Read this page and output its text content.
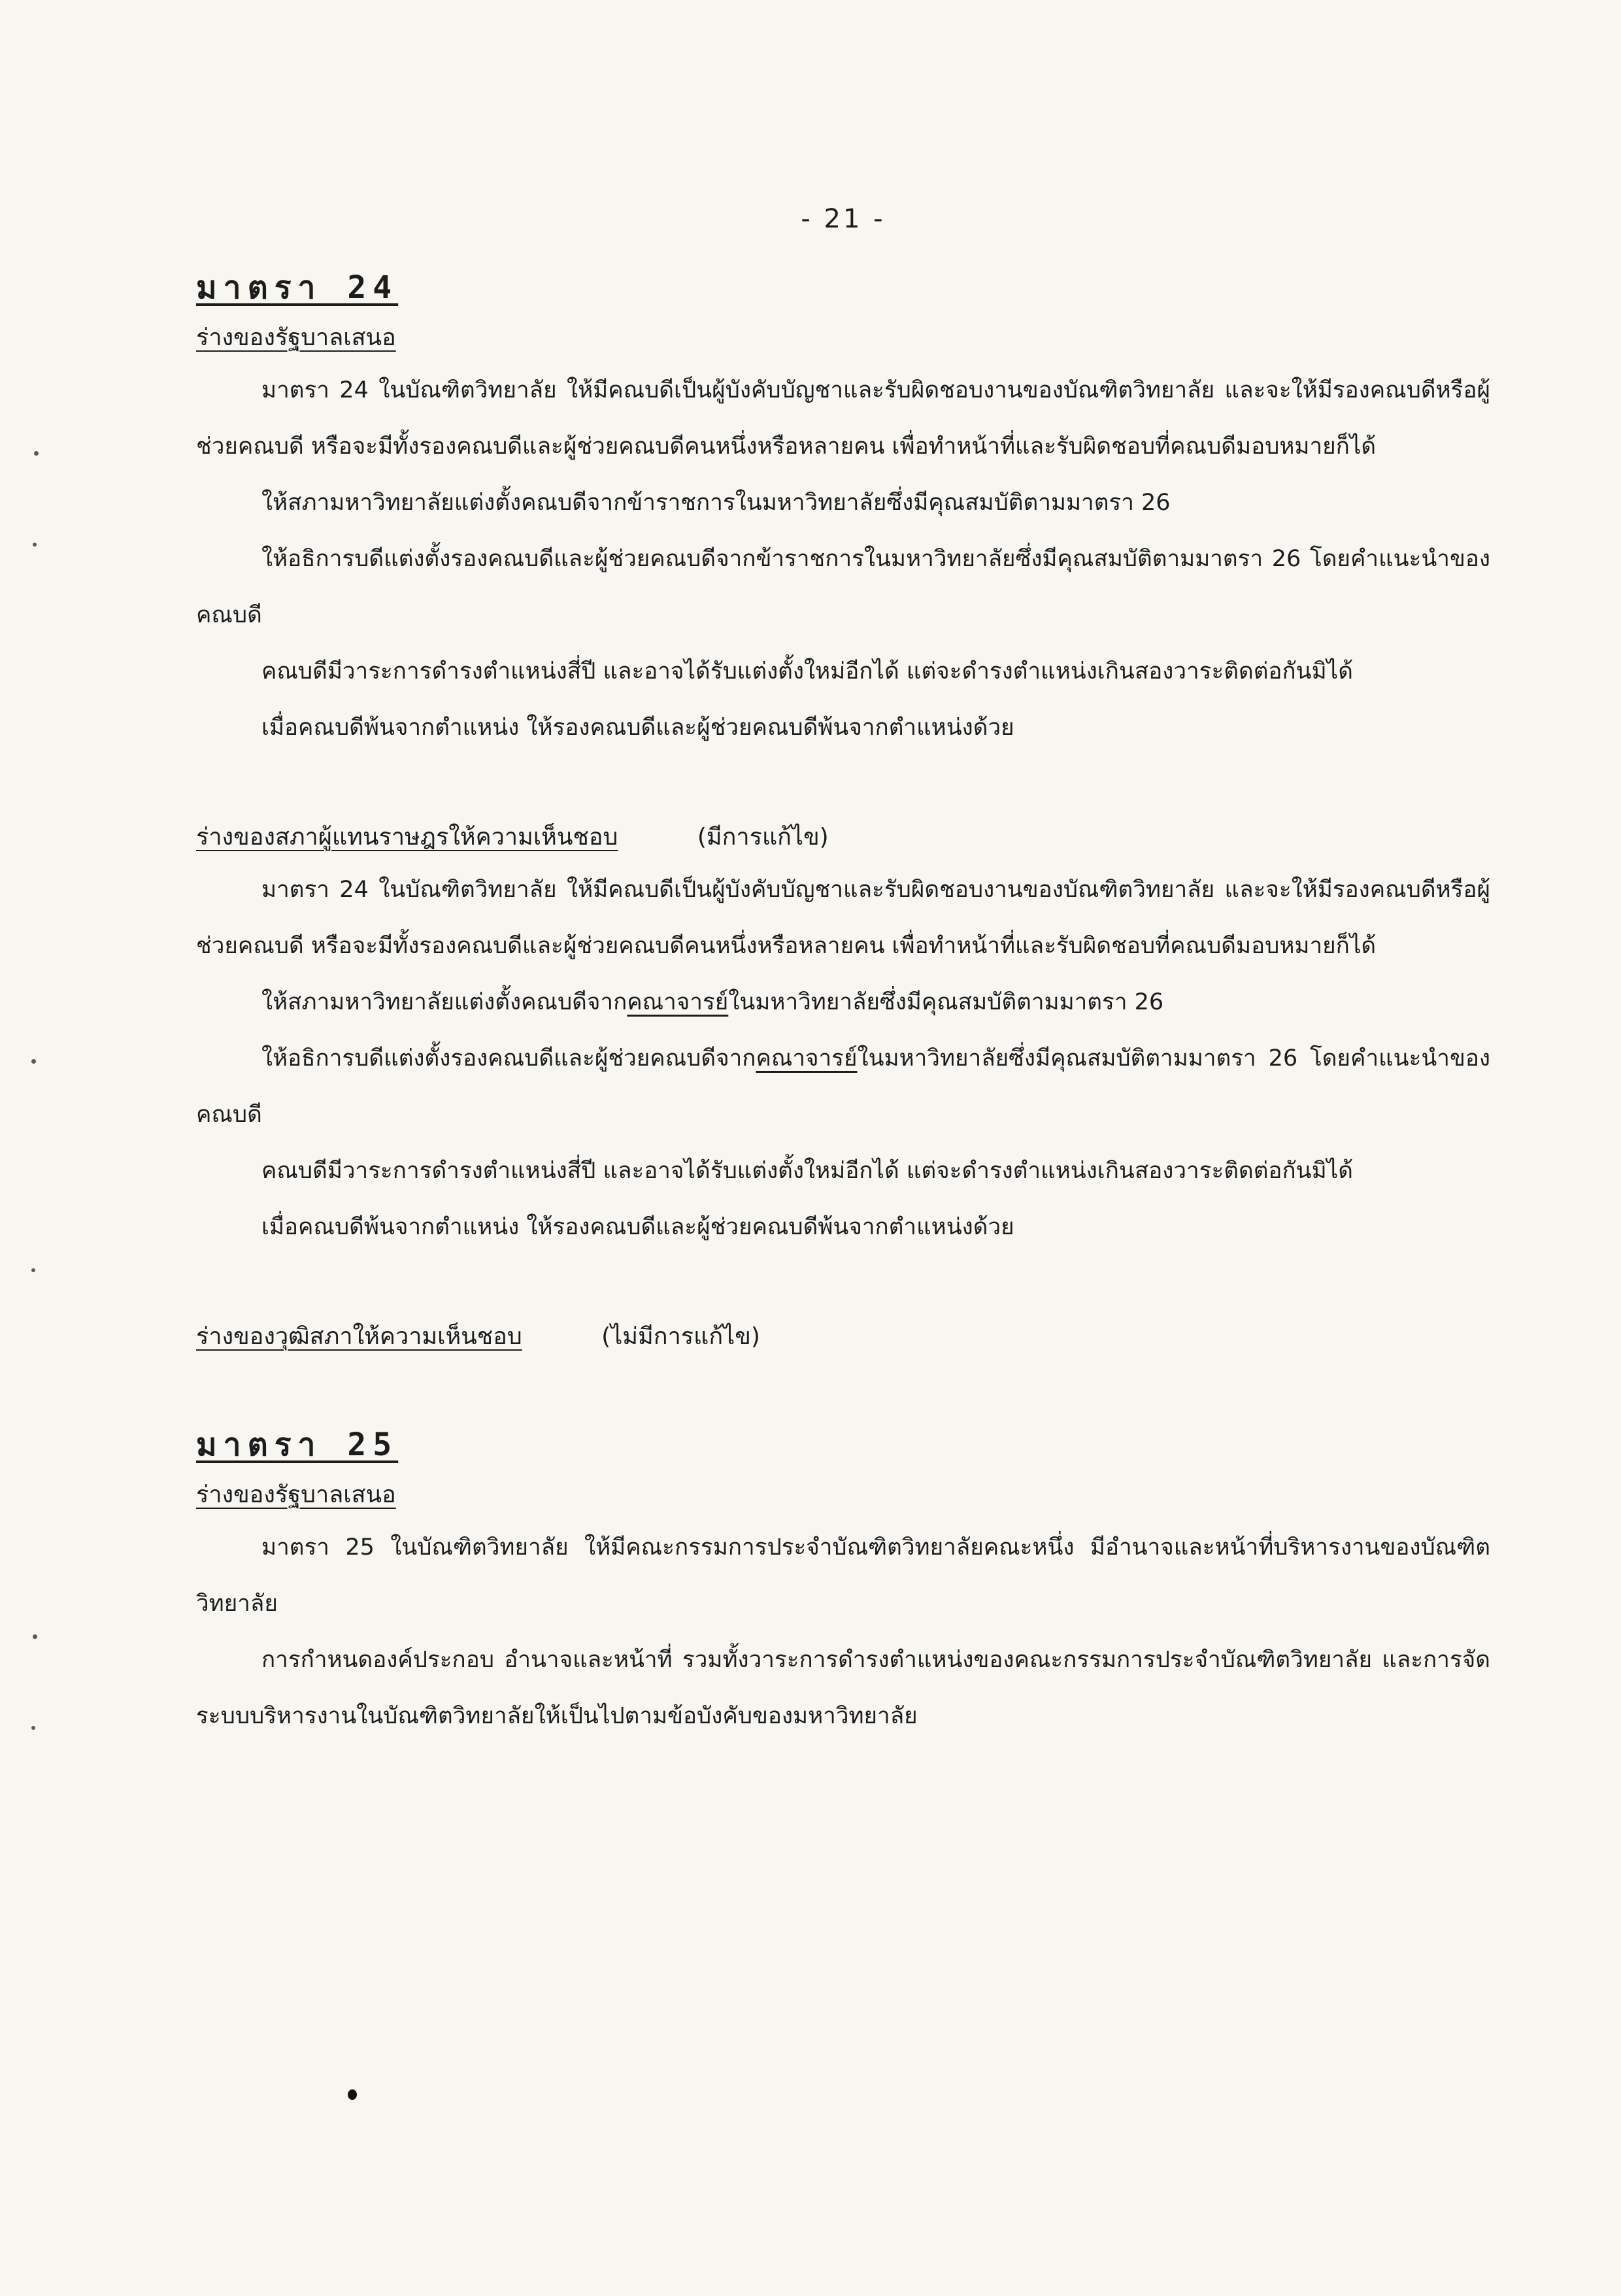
- 21 -
มาตรา 24
ร่างของรัฐบาลเสนอ

มาตรา 24 ในบัณฑิตวิทยาลัย ให้มีคณบดีเป็นผู้บังคับบัญชาและรับผิดชอบงานของบัณฑิตวิทยาลัย และจะให้มีรองคณบดีหรือผู้ช่วยคณบดี หรือจะมีทั้งรองคณบดีและผู้ช่วยคณบดีคนหนึ่งหรือหลายคน เพื่อทำหน้าที่และรับผิดชอบที่คณบดีมอบหมายก็ได้

ให้สภามหาวิทยาลัยแต่งตั้งคณบดีจากข้าราชการในมหาวิทยาลัยซึ่งมีคุณสมบัติตามมาตรา 26

ให้อธิการบดีแต่งตั้งรองคณบดีและผู้ช่วยคณบดีจากข้าราชการในมหาวิทยาลัยซึ่งมีคุณสมบัติตามมาตรา 26 โดยคำแนะนำของคณบดี

คณบดีมีวาระการดำรงตำแหน่งสี่ปี และอาจได้รับแต่งตั้งใหม่อีกได้ แต่จะดำรงตำแหน่งเกินสองวาระติดต่อกันมิได้

เมื่อคณบดีพ้นจากตำแหน่ง ให้รองคณบดีและผู้ช่วยคณบดีพ้นจากตำแหน่งด้วย

ร่างของสภาผู้แทนราษฎรให้ความเห็นชอบ	(มีการแก้ไข)

มาตรา 24 ในบัณฑิตวิทยาลัย ให้มีคณบดีเป็นผู้บังคับบัญชาและรับผิดชอบงานของบัณฑิตวิทยาลัย และจะให้มีรองคณบดีหรือผู้ช่วยคณบดี หรือจะมีทั้งรองคณบดีและผู้ช่วยคณบดีคนหนึ่งหรือหลายคน เพื่อทำหน้าที่และรับผิดชอบที่คณบดีมอบหมายก็ได้

ให้สภามหาวิทยาลัยแต่งตั้งคณบดีจากคณาจารย์ในมหาวิทยาลัยซึ่งมีคุณสมบัติตามมาตรา 26

ให้อธิการบดีแต่งตั้งรองคณบดีและผู้ช่วยคณบดีจากคณาจารย์ในมหาวิทยาลัยซึ่งมีคุณสมบัติตามมาตรา 26 โดยคำแนะนำของคณบดี

คณบดีมีวาระการดำรงตำแหน่งสี่ปี และอาจได้รับแต่งตั้งใหม่อีกได้ แต่จะดำรงตำแหน่งเกินสองวาระติดต่อกันมิได้

เมื่อคณบดีพ้นจากตำแหน่ง ให้รองคณบดีและผู้ช่วยคณบดีพ้นจากตำแหน่งด้วย

ร่างของวุฒิสภาให้ความเห็นชอบ	(ไม่มีการแก้ไข)
มาตรา 25
ร่างของรัฐบาลเสนอ

มาตรา 25 ในบัณฑิตวิทยาลัย ให้มีคณะกรรมการประจำบัณฑิตวิทยาลัยคณะหนึ่ง มีอำนาจและหน้าที่บริหารงานของบัณฑิตวิทยาลัย

การกำหนดองค์ประกอบ อำนาจและหน้าที่ รวมทั้งวาระการดำรงตำแหน่งของคณะกรรมการประจำบัณฑิตวิทยาลัย และการจัดระบบบริหารงานในบัณฑิตวิทยาลัยให้เป็นไปตามข้อบังคับของมหาวิทยาลัย
